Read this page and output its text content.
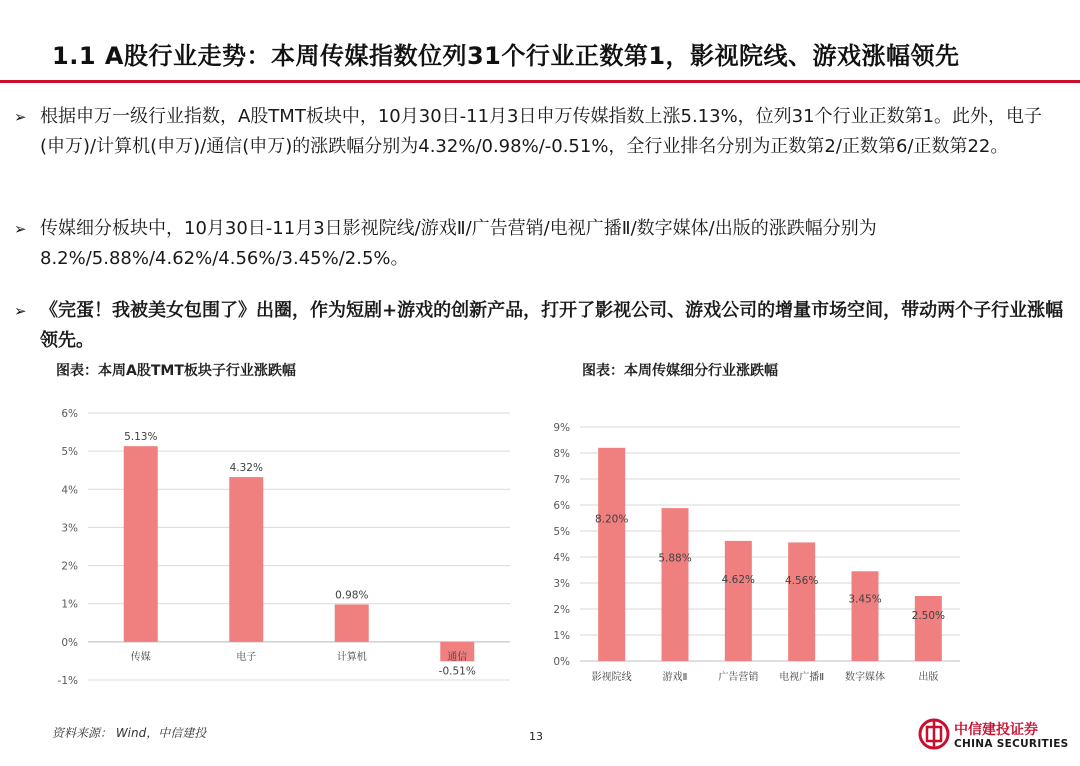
1.1 A股行业走势：本周传媒指数位列31个行业正数第1，影视院线、游戏涨幅领先
➢ 根据申万一级行业指数，A股TMT板块中，10月30日-11月3日申万传媒指数上涨5.13%，位列31个行业正数第1。此外，电子(申万)/计算机(申万)/通信(申万)的涨跌幅分别为4.32%/0.98%/-0.51%，全行业排名分别为正数第2/正数第6/正数第22。
➢ 传媒细分板块中，10月30日-11月3日影视院线/游戏Ⅱ/广告营销/电视广播Ⅱ/数字媒体/出版的涨跌幅分别为8.2%/5.88%/4.62%/4.56%/3.45%/2.5%。
➢ 《完蛋！我被美女包围了》出圈，作为短剧+游戏的创新产品，打开了影视公司、游戏公司的增量市场空间，带动两个子行业涨幅领先。
图表：本周A股TMT板块子行业涨跌幅	图表：本周传媒细分行业涨跌幅
-1%
0%
1%
2%
3%
4%
5%
6%
5.13%
传媒
4.32%
电子
0.98%
计算机
-0.51%
通信	0%
1%
2%
3%
4%
5%
6%
7%
8%
9%
8.20%
影视院线
5.88%
游戏Ⅱ
4.62%
广告营销
4.56%
电视广播Ⅱ
3.45%
数字媒体
2.50%
出版
资料来源： Wind，中信建投	13	中信建投证券
CHINA SECURITIES
